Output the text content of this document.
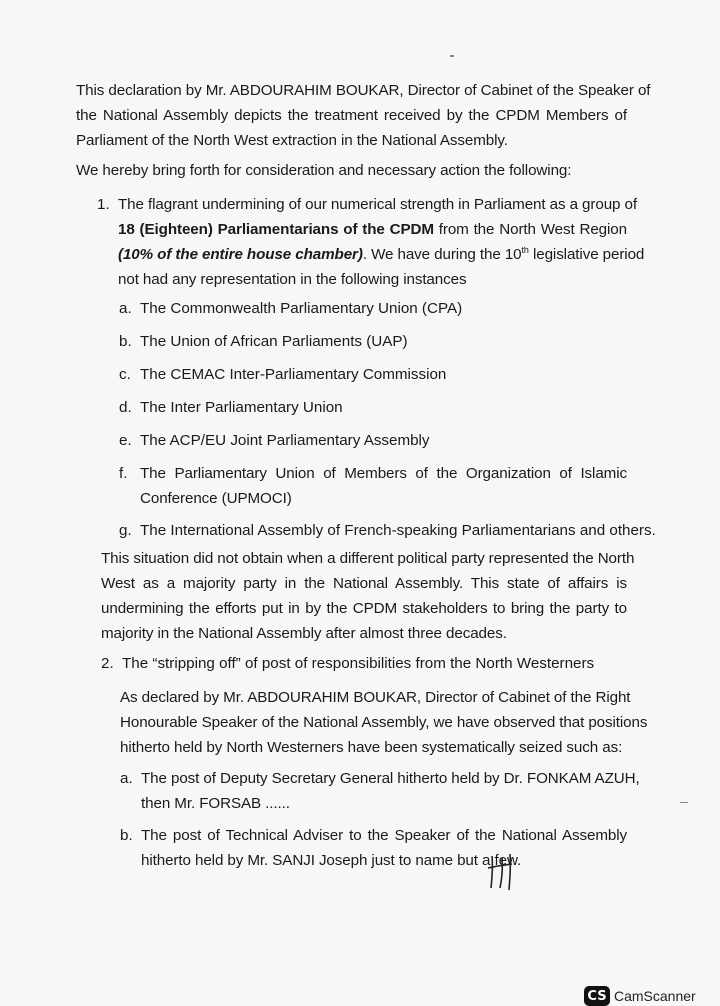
This declaration by Mr. ABDOURAHIM BOUKAR, Director of Cabinet of the Speaker of
the National Assembly depicts the treatment received by the CPDM Members of
Parliament of the North West extraction in the National Assembly.
We hereby bring forth for consideration and necessary action the following:
1. The flagrant undermining of our numerical strength in Parliament as a group of
18 (Eighteen) Parliamentarians of the CPDM from the North West Region
(10% of the entire house chamber). We have during the 10th legislative period
not had any representation in the following instances
a. The Commonwealth Parliamentary Union (CPA)
b. The Union of African Parliaments (UAP)
c. The CEMAC Inter-Parliamentary Commission
d. The Inter Parliamentary Union
e. The ACP/EU Joint Parliamentary Assembly
f. The Parliamentary Union of Members of the Organization of Islamic
Conference (UPMOCI)
g. The International Assembly of French-speaking Parliamentarians and others.
This situation did not obtain when a different political party represented the North
West as a majority party in the National Assembly. This state of affairs is
undermining the efforts put in by the CPDM stakeholders to bring the party to
majority in the National Assembly after almost three decades.
2. The “stripping off” of post of responsibilities from the North Westerners
As declared by Mr. ABDOURAHIM BOUKAR, Director of Cabinet of the Right
Honourable Speaker of the National Assembly, we have observed that positions
hitherto held by North Westerners have been systematically seized such as:
a. The post of Deputy Secretary General hitherto held by Dr. FONKAM AZUH,
then Mr. FORSAB ......
b. The post of Technical Adviser to the Speaker of the National Assembly
hitherto held by Mr. SANJI Joseph just to name but a few.
CS CamScanner
